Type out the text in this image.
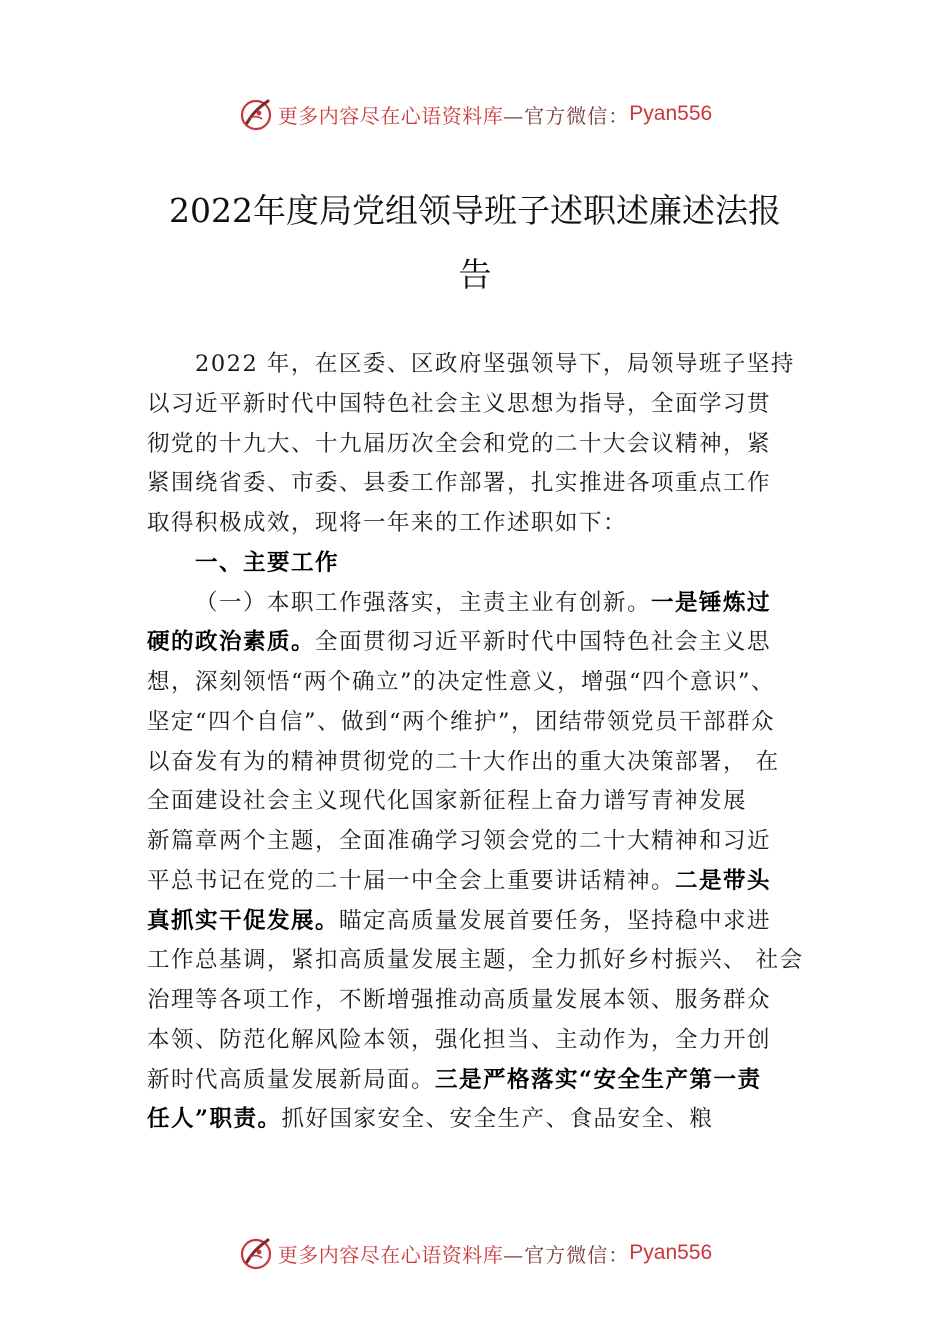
更多内容尽在心语资料库 —官方微信： Pyan556
2022年度局党组领导班子述职述廉述法报
告
2022 年，在区委、区政府坚强领导下，局领导班子坚持
以习近平新时代中国特色社会主义思想为指导，全面学习贯
彻党的十九大、十九届历次全会和党的二十大会议精神，紧
紧围绕省委、市委、县委工作部署，扎实推进各项重点工作
取得积极成效，现将一年来的工作述职如下：
一、主要工作
（一）本职工作强落实，主责主业有创新。一是锤炼过
硬的政治素质。全面贯彻习近平新时代中国特色社会主义思
想，深刻领悟“两个确立”的决定性意义，增强“四个意识”、
坚定“四个自信”、做到“两个维护”，团结带领党员干部群众
以奋发有为的精神贯彻党的二十大作出的重大决策部署， 在
全面建设社会主义现代化国家新征程上奋力谱写青神发展
新篇章两个主题，全面准确学习领会党的二十大精神和习近
平总书记在党的二十届一中全会上重要讲话精神。二是带头
真抓实干促发展。瞄定高质量发展首要任务，坚持稳中求进
工作总基调，紧扣高质量发展主题，全力抓好乡村振兴、 社会
治理等各项工作，不断增强推动高质量发展本领、服务群众
本领、防范化解风险本领，强化担当、主动作为，全力开创
新时代高质量发展新局面。三是严格落实“安全生产第一责
任人”职责。抓好国家安全、安全生产、食品安全、粮
更多内容尽在心语资料库 —官方微信： Pyan556
